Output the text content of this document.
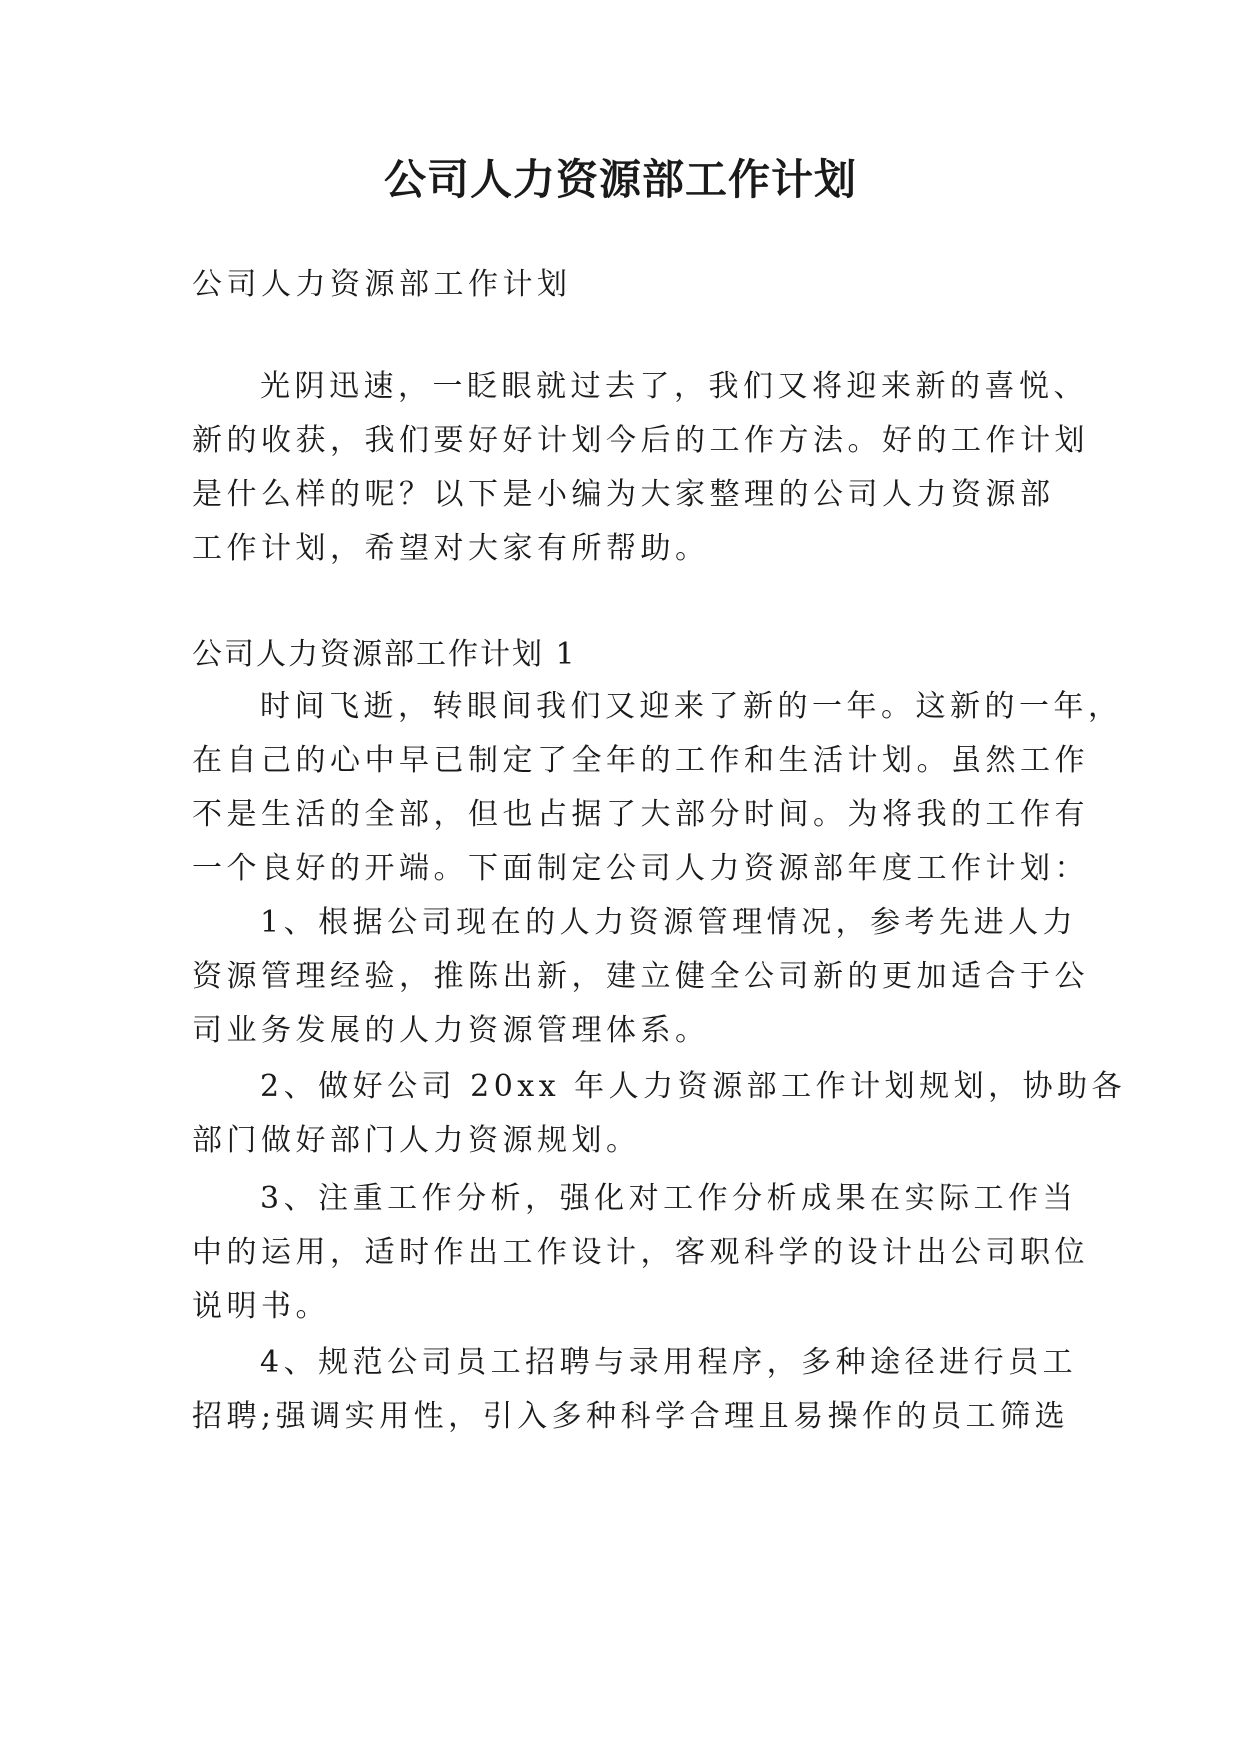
公司人力资源部工作计划

公司人力资源部工作计划

光阴迅速，一眨眼就过去了，我们又将迎来新的喜悦、

新的收获，我们要好好计划今后的工作方法。好的工作计划

是什么样的呢？以下是小编为大家整理的公司人力资源部

工作计划，希望对大家有所帮助。

公司人力资源部工作计划 1

时间飞逝，转眼间我们又迎来了新的一年。这新的一年，

在自己的心中早已制定了全年的工作和生活计划。虽然工作

不是生活的全部，但也占据了大部分时间。为将我的工作有

一个良好的开端。下面制定公司人力资源部年度工作计划：

1、根据公司现在的人力资源管理情况，参考先进人力

资源管理经验，推陈出新，建立健全公司新的更加适合于公

司业务发展的人力资源管理体系。

2、做好公司 20xx 年人力资源部工作计划规划，协助各

部门做好部门人力资源规划。

3、注重工作分析，强化对工作分析成果在实际工作当

中的运用，适时作出工作设计，客观科学的设计出公司职位

说明书。

4、规范公司员工招聘与录用程序，多种途径进行员工

招聘;强调实用性，引入多种科学合理且易操作的员工筛选
